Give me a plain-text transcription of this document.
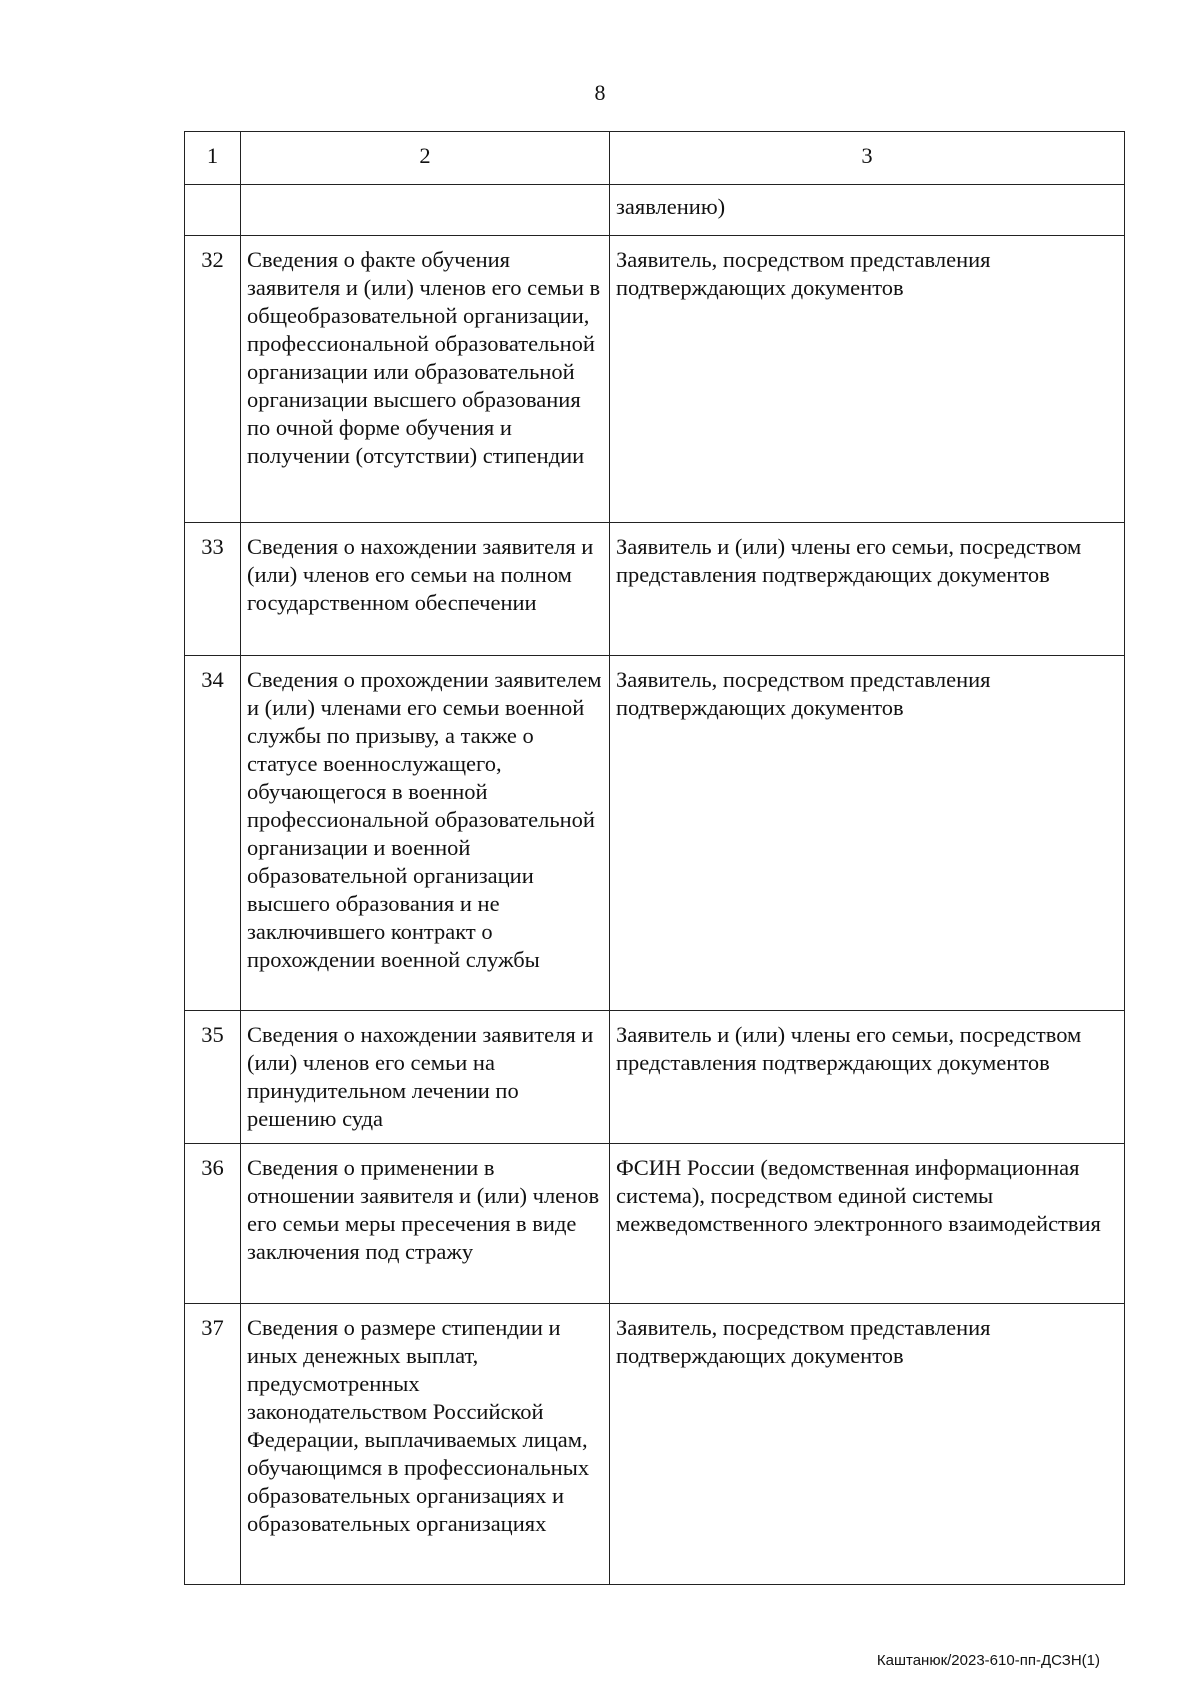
8
1	2	3
		заявлению)
32	Сведения о факте обучения заявителя и (или) членов его семьи в общеобразовательной организации, профессиональной образовательной организации или образовательной организации высшего образования по очной форме обучения и получении (отсутствии) стипендии	Заявитель, посредством представления подтверждающих документов
33	Сведения о нахождении заявителя и (или) членов его семьи на полном государственном обеспечении	Заявитель и (или) члены его семьи, посредством представления подтверждающих документов
34	Сведения о прохождении заявителем и (или) членами его семьи военной службы по призыву, а также о статусе военнослужащего, обучающегося в военной профессиональной образовательной организации и военной образовательной организации высшего образования и не заключившего контракт о прохождении военной службы	Заявитель, посредством представления подтверждающих документов
35	Сведения о нахождении заявителя и (или) членов его семьи на принудительном лечении по решению суда	Заявитель и (или) члены его семьи, посредством представления подтверждающих документов
36	Сведения о применении в отношении заявителя и (или) членов его семьи меры пресечения в виде заключения под стражу	ФСИН России (ведомственная информационная система), посредством единой системы межведомственного электронного взаимодействия
37	Сведения о размере стипендии и иных денежных выплат, предусмотренных законодательством Российской Федерации, выплачиваемых лицам, обучающимся в профессиональных образовательных организациях и образовательных организациях	Заявитель, посредством представления подтверждающих документов
Каштанюк/2023-610-пп-ДСЗН(1)
